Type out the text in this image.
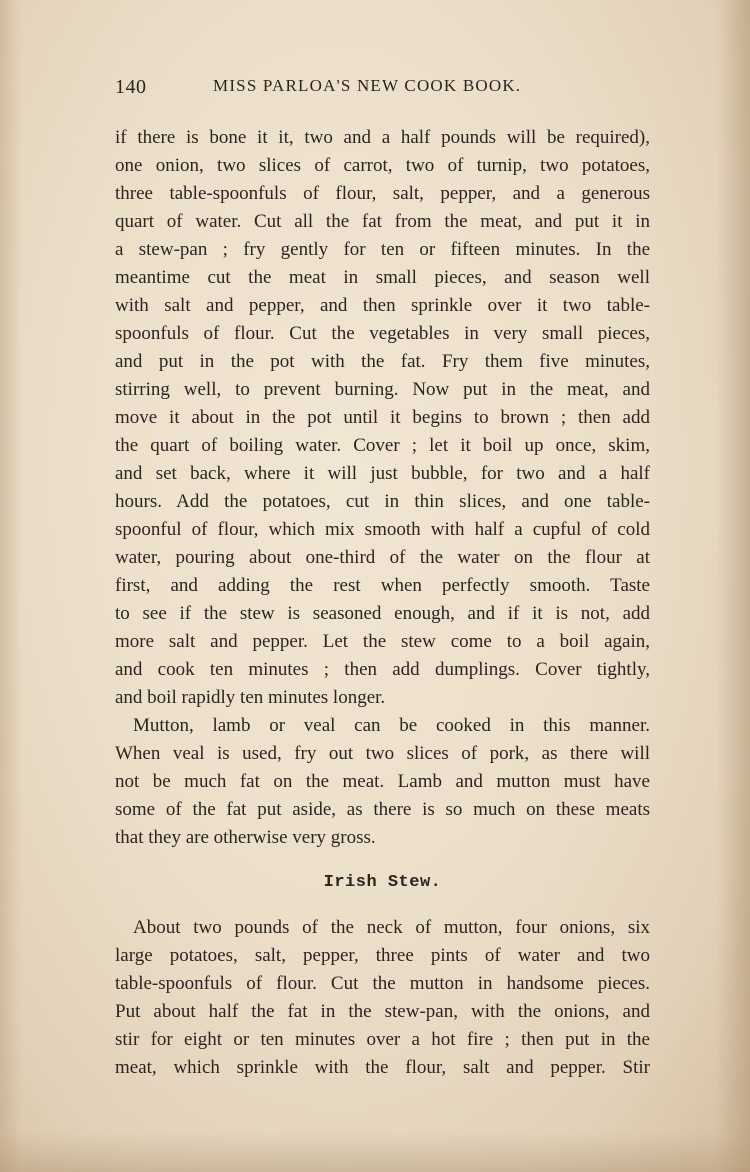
140	MISS PARLOA'S NEW COOK BOOK.
if there is bone it it, two and a half pounds will be required),
one onion, two slices of carrot, two of turnip, two potatoes,
three table-spoonfuls of flour, salt, pepper, and a generous
quart of water. Cut all the fat from the meat, and put it in
a stew-pan ; fry gently for ten or fifteen minutes. In the
meantime cut the meat in small pieces, and season well
with salt and pepper, and then sprinkle over it two table-
spoonfuls of flour. Cut the vegetables in very small pieces,
and put in the pot with the fat. Fry them five minutes,
stirring well, to prevent burning. Now put in the meat, and
move it about in the pot until it begins to brown ; then add
the quart of boiling water. Cover ; let it boil up once, skim,
and set back, where it will just bubble, for two and a half
hours. Add the potatoes, cut in thin slices, and one table-
spoonful of flour, which mix smooth with half a cupful of cold
water, pouring about one-third of the water on the flour at
first, and adding the rest when perfectly smooth. Taste
to see if the stew is seasoned enough, and if it is not, add
more salt and pepper. Let the stew come to a boil again,
and cook ten minutes ; then add dumplings. Cover tightly,
and boil rapidly ten minutes longer.
Mutton, lamb or veal can be cooked in this manner.
When veal is used, fry out two slices of pork, as there will
not be much fat on the meat. Lamb and mutton must have
some of the fat put aside, as there is so much on these meats
that they are otherwise very gross.
Irish Stew.
About two pounds of the neck of mutton, four onions, six
large potatoes, salt, pepper, three pints of water and two
table-spoonfuls of flour. Cut the mutton in handsome pieces.
Put about half the fat in the stew-pan, with the onions, and
stir for eight or ten minutes over a hot fire ; then put in the
meat, which sprinkle with the flour, salt and pepper. Stir
